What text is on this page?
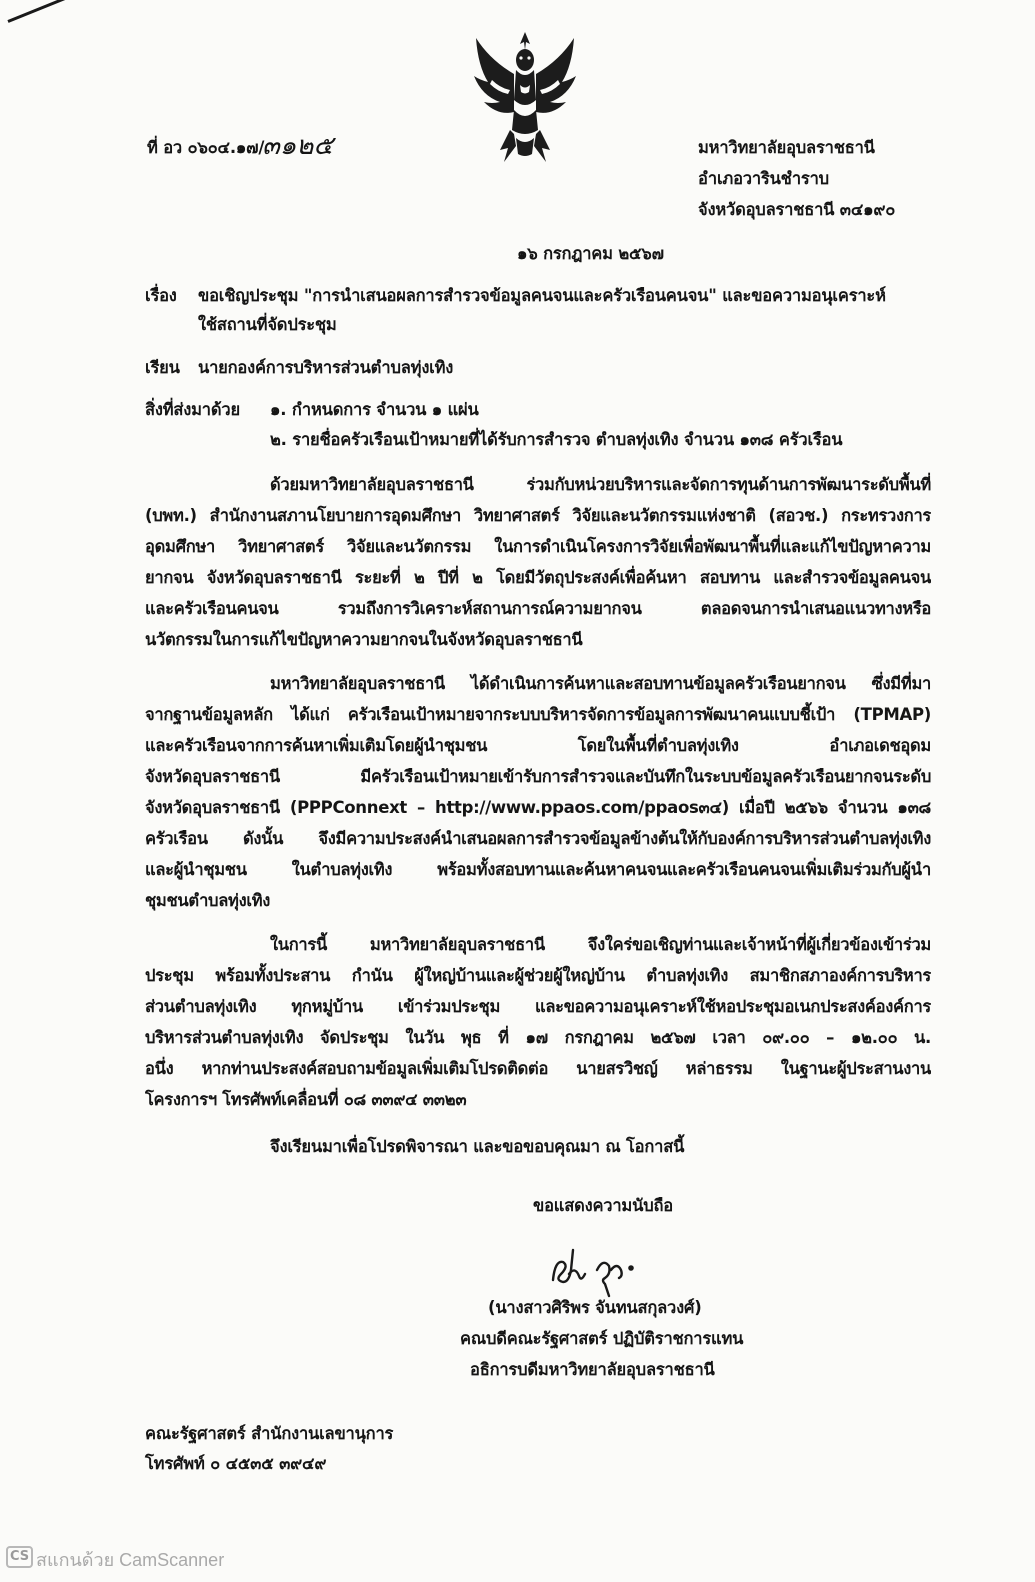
ที่ อว ๐๖๐๔.๑๗/
๓๑๒๕	มหาวิทยาลัยอุบลราชธานี
อำเภอวารินชำราบ
จังหวัดอุบลราชธานี ๓๔๑๙๐
๑๖ กรกฎาคม ๒๕๖๗
เรื่อง ขอเชิญประชุม "การนำเสนอผลการสำรวจข้อมูลคนจนและครัวเรือนคนจน" และขอความอนุเคราะห์
ใช้สถานที่จัดประชุม
เรียน นายกองค์การบริหารส่วนตำบลทุ่งเทิง
สิ่งที่ส่งมาด้วย ๑. กำหนดการ จำนวน ๑ แผ่น
๒. รายชื่อครัวเรือนเป้าหมายที่ได้รับการสำรวจ ตำบลทุ่งเทิง จำนวน ๑๓๘ ครัวเรือน
ด้วยมหาวิทยาลัยอุบลราชธานี ร่วมกับหน่วยบริหารและจัดการทุนด้านการพัฒนาระดับพื้นที่
(บพท.) สำนักงานสภานโยบายการอุดมศึกษา วิทยาศาสตร์ วิจัยและนวัตกรรมแห่งชาติ (สอวช.) กระทรวงการ
อุดมศึกษา วิทยาศาสตร์ วิจัยและนวัตกรรม ในการดำเนินโครงการวิจัยเพื่อพัฒนาพื้นที่และแก้ไขปัญหาความ
ยากจน จังหวัดอุบลราชธานี ระยะที่ ๒ ปีที่ ๒ โดยมีวัตถุประสงค์เพื่อค้นหา สอบทาน และสำรวจข้อมูลคนจน
และครัวเรือนคนจน รวมถึงการวิเคราะห์สถานการณ์ความยากจน ตลอดจนการนำเสนอแนวทางหรือ
นวัตกรรมในการแก้ไขปัญหาความยากจนในจังหวัดอุบลราชธานี
มหาวิทยาลัยอุบลราชธานี ได้ดำเนินการค้นหาและสอบทานข้อมูลครัวเรือนยากจน ซึ่งมีที่มา
จากฐานข้อมูลหลัก ได้แก่ ครัวเรือนเป้าหมายจากระบบบริหารจัดการข้อมูลการพัฒนาคนแบบชี้เป้า (TPMAP)
และครัวเรือนจากการค้นหาเพิ่มเติมโดยผู้นำชุมชน โดยในพื้นที่ตำบลทุ่งเทิง อำเภอเดชอุดม
จังหวัดอุบลราชธานี มีครัวเรือนเป้าหมายเข้ารับการสำรวจและบันทึกในระบบข้อมูลครัวเรือนยากจนระดับ
จังหวัดอุบลราชธานี (PPPConnext – http://www.ppaos.com/ppaos๓๔) เมื่อปี ๒๕๖๖ จำนวน ๑๓๘
ครัวเรือน ดังนั้น จึงมีความประสงค์นำเสนอผลการสำรวจข้อมูลข้างต้นให้กับองค์การบริหารส่วนตำบลทุ่งเทิง
และผู้นำชุมชน ในตำบลทุ่งเทิง พร้อมทั้งสอบทานและค้นหาคนจนและครัวเรือนคนจนเพิ่มเติมร่วมกับผู้นำ
ชุมชนตำบลทุ่งเทิง
ในการนี้ มหาวิทยาลัยอุบลราชธานี จึงใคร่ขอเชิญท่านและเจ้าหน้าที่ผู้เกี่ยวข้องเข้าร่วม
ประชุม พร้อมทั้งประสาน กำนัน ผู้ใหญ่บ้านและผู้ช่วยผู้ใหญ่บ้าน ตำบลทุ่งเทิง สมาชิกสภาองค์การบริหาร
ส่วนตำบลทุ่งเทิง ทุกหมู่บ้าน เข้าร่วมประชุม และขอความอนุเคราะห์ใช้หอประชุมอเนกประสงค์องค์การ
บริหารส่วนตำบลทุ่งเทิง จัดประชุม ในวัน พุธ ที่ ๑๗ กรกฎาคม ๒๕๖๗ เวลา ๐๙.๐๐ – ๑๒.๐๐ น.
อนึ่ง หากท่านประสงค์สอบถามข้อมูลเพิ่มเติมโปรดติดต่อ นายสรวิชญ์ หล่าธรรม ในฐานะผู้ประสานงาน
โครงการฯ โทรศัพท์เคลื่อนที่ ๐๘ ๓๓๙๔ ๓๓๒๓
จึงเรียนมาเพื่อโปรดพิจารณา และขอขอบคุณมา ณ โอกาสนี้
ขอแสดงความนับถือ
(นางสาวศิริพร จันทนสกุลวงศ์)
คณบดีคณะรัฐศาสตร์ ปฏิบัติราชการแทน
อธิการบดีมหาวิทยาลัยอุบลราชธานี
คณะรัฐศาสตร์ สำนักงานเลขานุการ
โทรศัพท์ ๐ ๔๕๓๕ ๓๙๔๙
CS สแกนด้วย CamScanner
